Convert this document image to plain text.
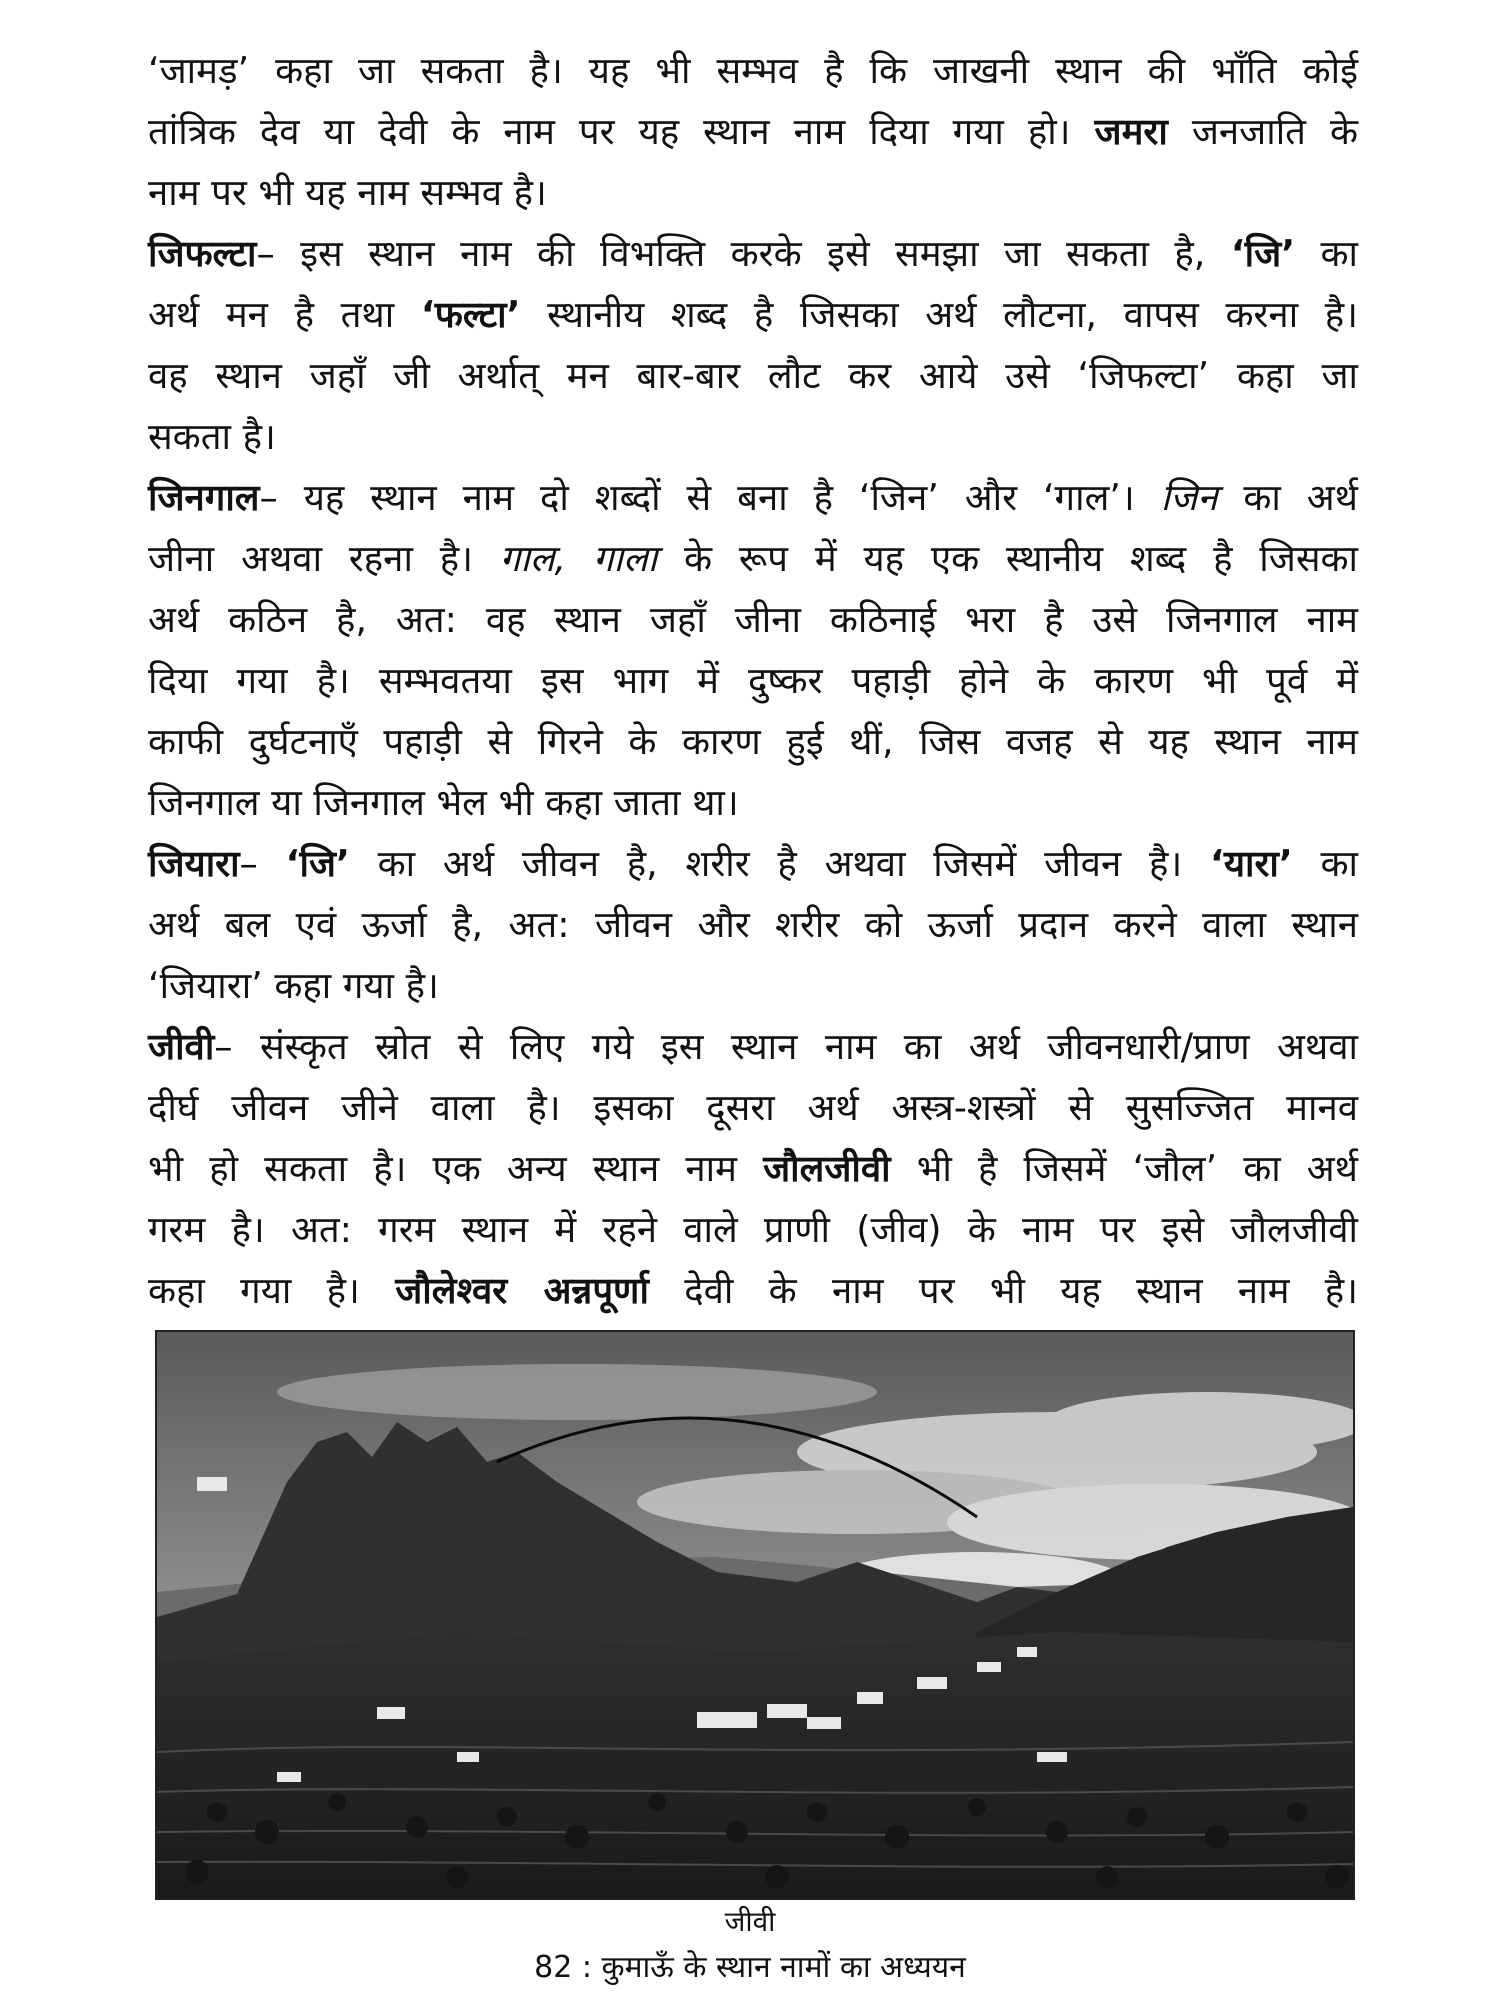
‘जामड़’ कहा जा सकता है। यह भी सम्भव है कि जाखनी स्थान की भाँति कोई
तांत्रिक देव या देवी के नाम पर यह स्थान नाम दिया गया हो। जमरा जनजाति के
नाम पर भी यह नाम सम्भव है।
जिफल्टा– इस स्थान नाम की विभक्ति करके इसे समझा जा सकता है, ‘जि’ का
अर्थ मन है तथा ‘फल्टा’ स्थानीय शब्द है जिसका अर्थ लौटना, वापस करना है।
वह स्थान जहाँ जी अर्थात् मन बार-बार लौट कर आये उसे ‘जिफल्टा’ कहा जा
सकता है।
जिनगाल– यह स्थान नाम दो शब्दों से बना है ‘जिन’ और ‘गाल’। जिन का अर्थ
जीना अथवा रहना है। गाल, गाला के रूप में यह एक स्थानीय शब्द है जिसका
अर्थ कठिन है, अत: वह स्थान जहाँ जीना कठिनाई भरा है उसे जिनगाल नाम
दिया गया है। सम्भवतया इस भाग में दुष्कर पहाड़ी होने के कारण भी पूर्व में
काफी दुर्घटनाएँ पहाड़ी से गिरने के कारण हुई थीं, जिस वजह से यह स्थान नाम
जिनगाल या जिनगाल भेल भी कहा जाता था।
जियारा– ‘जि’ का अर्थ जीवन है, शरीर है अथवा जिसमें जीवन है। ‘यारा’ का
अर्थ बल एवं ऊर्जा है, अत: जीवन और शरीर को ऊर्जा प्रदान करने वाला स्थान
‘जियारा’ कहा गया है।
जीवी– संस्कृत स्रोत से लिए गये इस स्थान नाम का अर्थ जीवनधारी/प्राण अथवा
दीर्घ जीवन जीने वाला है। इसका दूसरा अर्थ अस्त्र-शस्त्रों से सुसज्जित मानव
भी हो सकता है। एक अन्य स्थान नाम जौलजीवी भी है जिसमें ‘जौल’ का अर्थ
गरम है। अत: गरम स्थान में रहने वाले प्राणी (जीव) के नाम पर इसे जौलजीवी
कहा गया है। जौलेश्वर अन्नपूर्णा देवी के नाम पर भी यह स्थान नाम है।
जीवी
82 : कुमाऊँ के स्थान नामों का अध्ययन
